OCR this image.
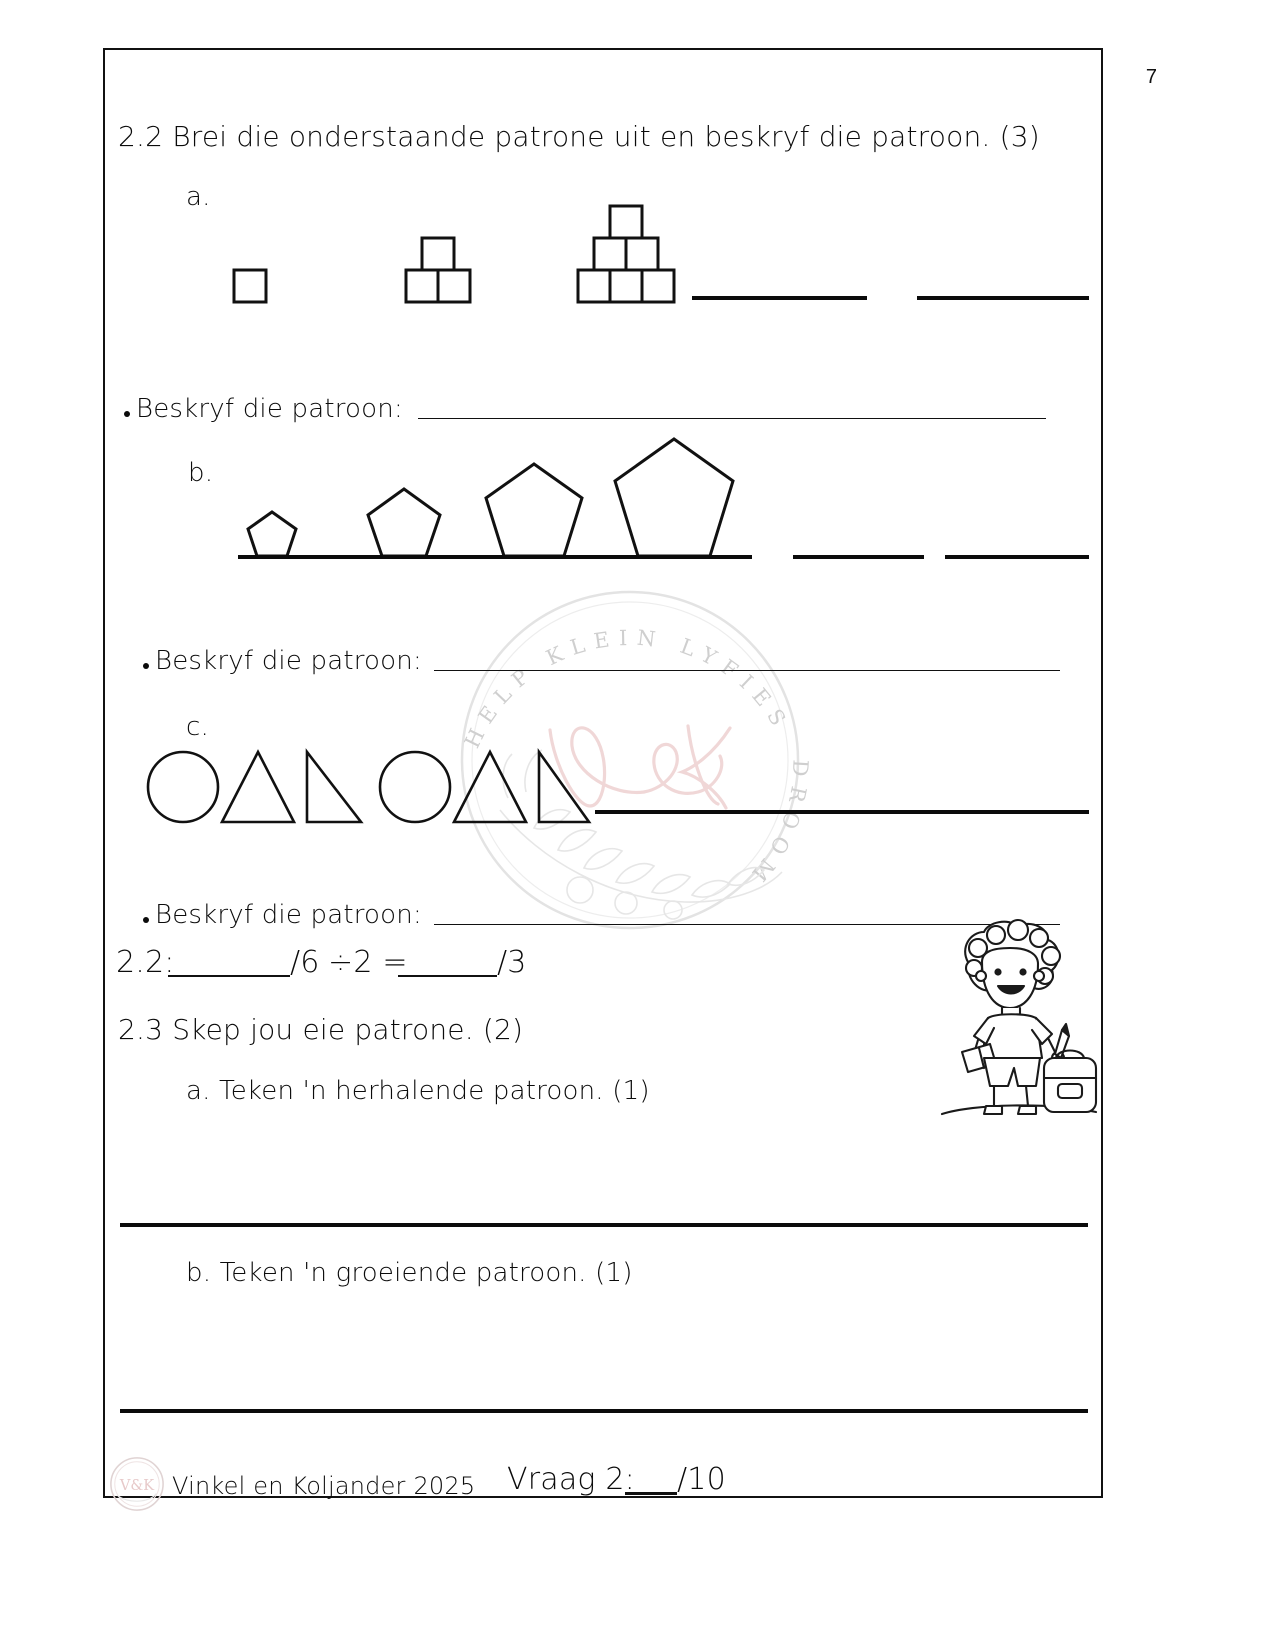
7
HELP KLEIN LYFIES
DROOM
2.2 Brei die onderstaande patrone uit en beskryf die patroon. (3)
a.
Beskryf die patroon:
b.
Beskryf die patroon:
c.
Beskryf die patroon:
2.2:	/6 ÷2 =	/3
2.3 Skep jou eie patrone. (2)
a. Teken 'n herhalende patroon. (1)
b. Teken 'n groeiende patroon. (1)
V&K Vinkel en Koljander 2025 Vraag 2: /10
